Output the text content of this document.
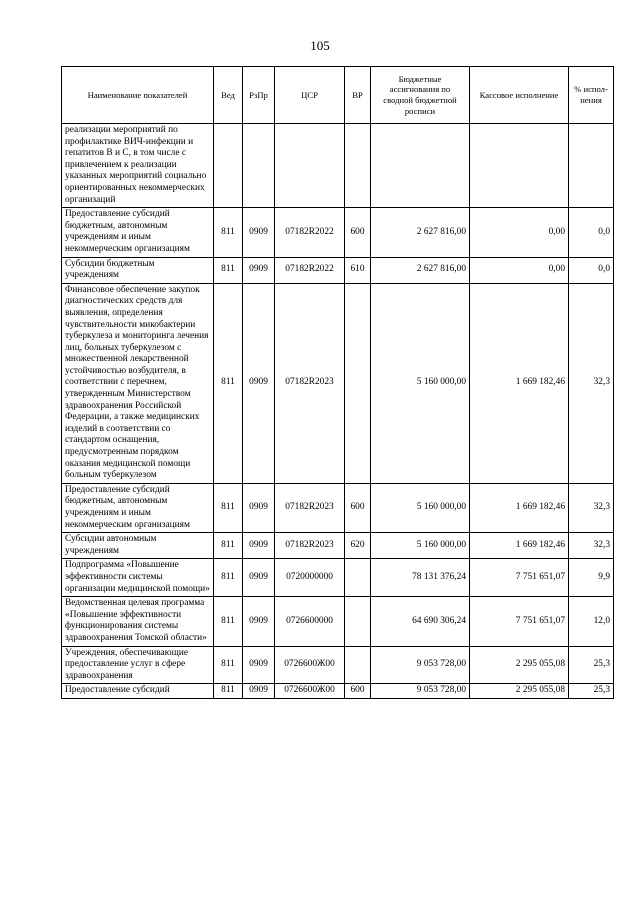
105
Наименование показателей	Вед	РзПр	ЦСР	ВР	Бюджетные ассигнования по сводной бюджетной росписи	Кассовое исполнение	% испол-нения
реализации мероприятий по профилактике ВИЧ-инфекции и гепатитов B и C, в том числе с привлечением к реализации указанных мероприятий социально ориентированных некоммерческих организаций							
Предоставление субсидий бюджетным, автономным учреждениям и иным некоммерческим организациям	811	0909	07182R2022	600	2 627 816,00	0,00	0,0
Субсидии бюджетным учреждениям	811	0909	07182R2022	610	2 627 816,00	0,00	0,0
Финансовое обеспечение закупок диагностических средств для выявления, определения чувствительности микобактерии туберкулеза и мониторинга лечения лиц, больных туберкулезом с множественной лекарственной устойчивостью возбудителя, в соответствии с перечнем, утвержденным Министерством здравоохранения Российской Федерации, а также медицинских изделий в соответствии со стандартом оснащения, предусмотренным порядком оказания медицинской помощи больным туберкулезом	811	0909	07182R2023		5 160 000,00	1 669 182,46	32,3
Предоставление субсидий бюджетным, автономным учреждениям и иным некоммерческим организациям	811	0909	07182R2023	600	5 160 000,00	1 669 182,46	32,3
Субсидии автономным учреждениям	811	0909	07182R2023	620	5 160 000,00	1 669 182,46	32,3
Подпрограмма «Повышение эффективности системы организации медицинской помощи»	811	0909	0720000000		78 131 376,24	7 751 651,07	9,9
Ведомственная целевая программа «Повышение эффективности функционирования системы здравоохранения Томской области»	811	0909	0726600000		64 690 306,24	7 751 651,07	12,0
Учреждения, обеспечивающие предоставление услуг в сфере здравоохранения	811	0909	0726600Ж00		9 053 728,00	2 295 055,08	25,3
Предоставление субсидий	811	0909	0726600Ж00	600	9 053 728,00	2 295 055,08	25,3
